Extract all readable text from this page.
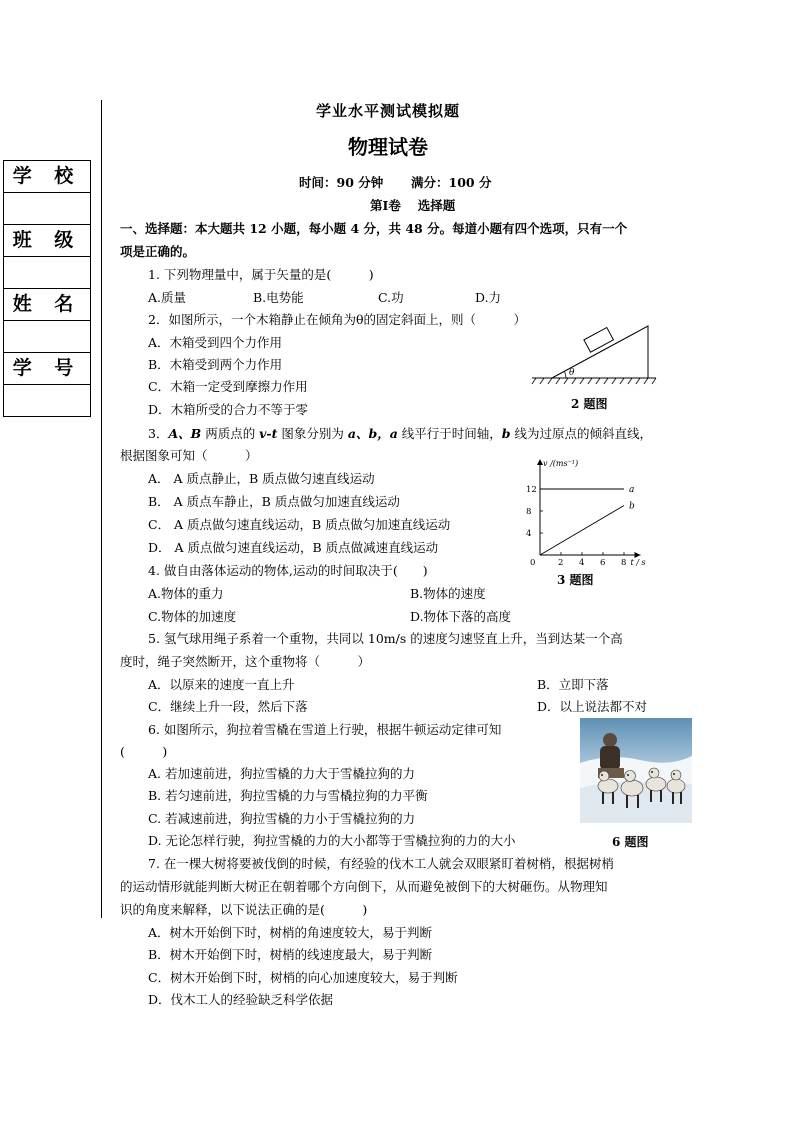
学 校
班 级
姓 名
学 号
学业水平测试模拟题
物理试卷
时间：90 分钟 满分：100 分
第Ⅰ卷　 选择题
一、选择题：本大题共 12 小题，每小题 4 分，共 48 分。每道小题有四个选项，只有一个
项是正确的。
1. 下列物理量中，属于矢量的是(　　　)
A.质量	B.电势能	C.功	D.力
2．如图所示，一个木箱静止在倾角为θ的固定斜面上，则（　　　）
A．木箱受到四个力作用
B．木箱受到两个力作用
C．木箱一定受到摩擦力作用
D．木箱所受的合力不等于零
θ
2 题图
3．A、B 两质点的 v-t 图象分别为 a、b，a 线平行于时间轴，b 线为过原点的倾斜直线，
根据图象可知（　　　）
A． A 质点静止，B 质点做匀速直线运动
B． A 质点车静止，B 质点做匀加速直线运动
C． A 质点做匀速直线运动，B 质点做匀加速直线运动
D． A 质点做匀速直线运动，B 质点做减速直线运动
v /(ms⁻¹)
t / s
0	2 4 6 8
4
8
12	a
b
3 题图
4. 做自由落体运动的物体,运动的时间取决于(　　)
A.物体的重力	B.物体的速度
C.物体的加速度	D.物体下落的高度
5. 氢气球用绳子系着一个重物，共同以 10m/s 的速度匀速竖直上升，当到达某一个高
度时，绳子突然断开，这个重物将（　　　）
A．以原来的速度一直上升	B．立即下落
C．继续上升一段，然后下落	D．以上说法都不对
6. 如图所示，狗拉着雪橇在雪道上行驶，根据牛顿运动定律可知
(　　　)
A. 若加速前进，狗拉雪橇的力大于雪橇拉狗的力
B. 若匀速前进，狗拉雪橇的力与雪橇拉狗的力平衡
C. 若减速前进，狗拉雪橇的力小于雪橇拉狗的力
D. 无论怎样行驶，狗拉雪橇的力的大小都等于雪橇拉狗的力的大小	6 题图
7. 在一棵大树将要被伐倒的时候，有经验的伐木工人就会双眼紧盯着树梢，根据树梢
的运动情形就能判断大树正在朝着哪个方向倒下，从而避免被倒下的大树砸伤。从物理知
识的角度来解释，以下说法正确的是(　　　)
A．树木开始倒下时，树梢的角速度较大，易于判断
B．树木开始倒下时，树梢的线速度最大，易于判断
C．树木开始倒下时，树梢的向心加速度较大，易于判断
D．伐木工人的经验缺乏科学依据
